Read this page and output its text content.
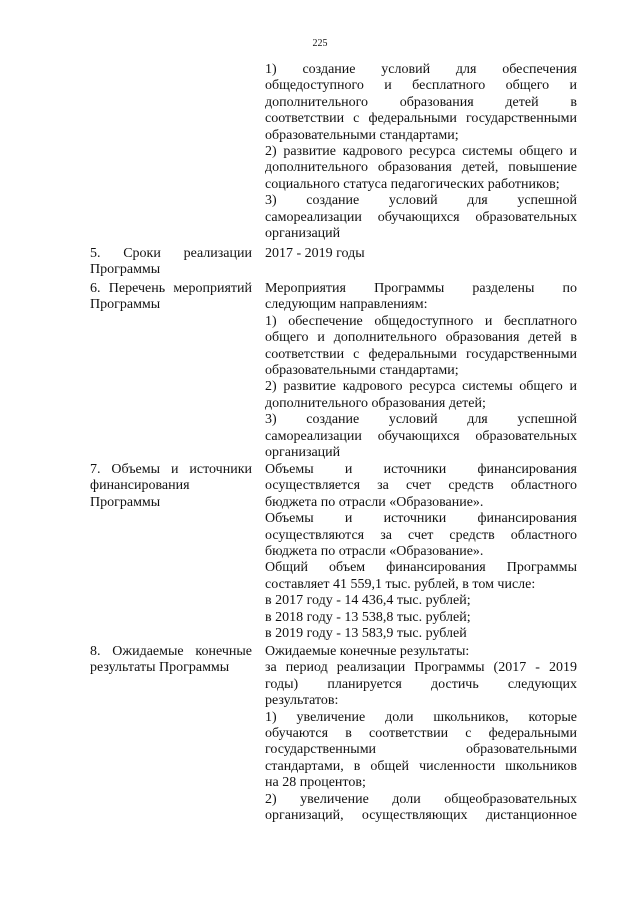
225
1) создание условий для обеспечения
общедоступного и бесплатного общего и
дополнительного образования детей в
соответствии с федеральными государственными
образовательными стандартами;
2) развитие кадрового ресурса системы общего и
дополнительного образования детей, повышение
социального статуса педагогических работников;
3) создание условий для успешной
самореализации обучающихся образовательных
организаций
5. Сроки реализации
Программы
2017 - 2019 годы
6. Перечень мероприятий
Программы
Мероприятия Программы разделены по
следующим направлениям:
1) обеспечение общедоступного и бесплатного
общего и дополнительного образования детей в
соответствии с федеральными государственными
образовательными стандартами;
2) развитие кадрового ресурса системы общего и
дополнительного образования детей;
3) создание условий для успешной
самореализации обучающихся образовательных
организаций
7. Объемы и источники
финансирования
Программы
Объемы и источники финансирования
осуществляется за счет средств областного
бюджета по отрасли «Образование».
Объемы и источники финансирования
осуществляются за счет средств областного
бюджета по отрасли «Образование».
Общий объем финансирования Программы
составляет 41 559,1 тыс. рублей, в том числе:
в 2017 году - 14 436,4 тыс. рублей;
в 2018 году - 13 538,8 тыс. рублей;
в 2019 году - 13 583,9 тыс. рублей
8. Ожидаемые конечные
результаты Программы
Ожидаемые конечные результаты:
за период реализации Программы (2017 - 2019
годы) планируется достичь следующих
результатов:
1) увеличение доли школьников, которые
обучаются в соответствии с федеральными
государственными образовательными
стандартами, в общей численности школьников
на 28 процентов;
2) увеличение доли общеобразовательных
организаций, осуществляющих дистанционное
